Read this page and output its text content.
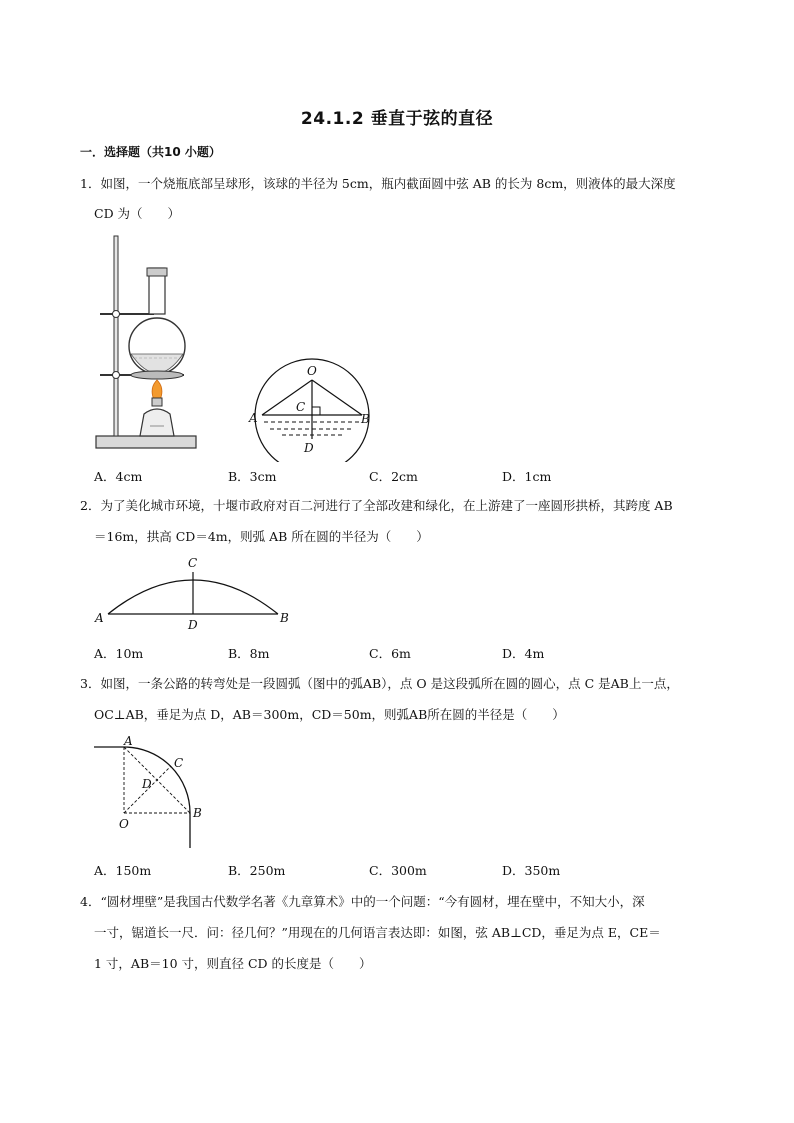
24.1.2 垂直于弦的直径
一．选择题（共10 小题）
1．如图，一个烧瓶底部呈球形，该球的半径为 5cm，瓶内截面圆中弦 AB 的长为 8cm，则液体的最大深度
CD 为（　　）
O
C
A	B
D
A．4cm	B．3cm	C．2cm	D．1cm
2．为了美化城市环境，十堰市政府对百二河进行了全部改建和绿化，在上游建了一座圆形拱桥，其跨度 AB
＝16m，拱高 CD＝4m，则弧 AB 所在圆的半径为（　　）
C
A	D	B
A．10m	B．8m	C．6m	D．4m
3．如图，一条公路的转弯处是一段圆弧（图中的弧AB），点 O 是这段弧所在圆的圆心，点 C 是AB上一点，
OC⊥AB，垂足为点 D，AB＝300m，CD＝50m，则弧AB所在圆的半径是（　　）
A
C
D
B
O
A．150m	B．250m	C．300m	D．350m
4．“圆材埋壁”是我国古代数学名著《九章算术》中的一个问题：“今有圆材，埋在壁中，不知大小，深
一寸，锯道长一尺．问：径几何？”用现在的几何语言表达即：如图，弦 AB⊥CD，垂足为点 E，CE＝
1 寸，AB＝10 寸，则直径 CD 的长度是（　　）
